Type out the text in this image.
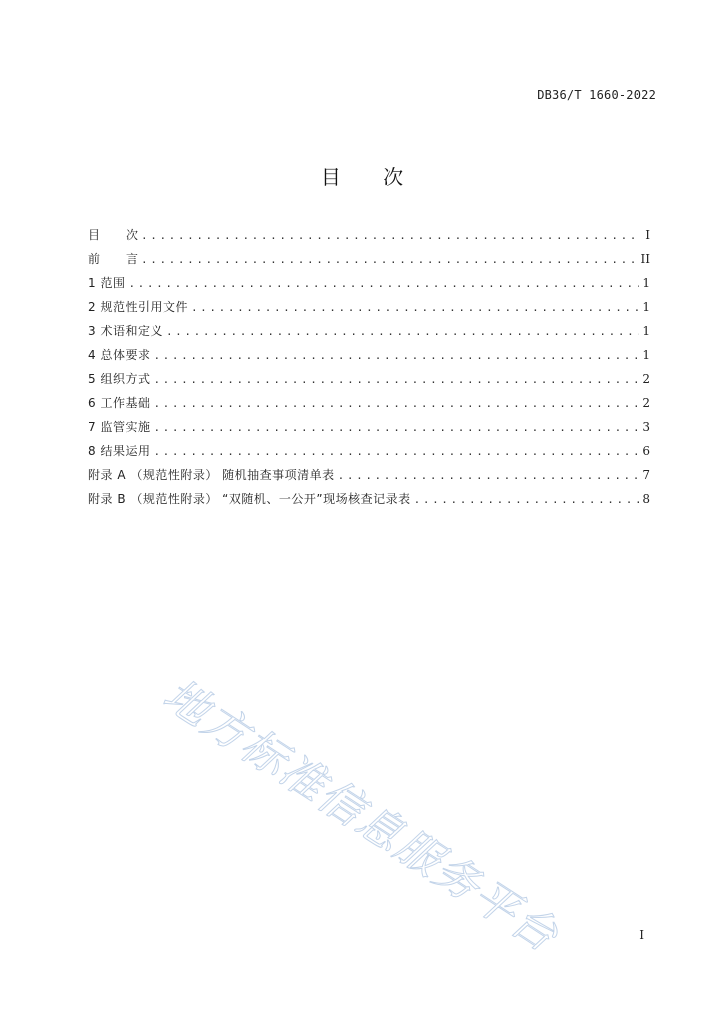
DB36/T 1660-2022
目 次
目 次 .....	I
前 言 .....	II
1 范围 .....	1
2 规范性引用文件 .....	1
3 术语和定义 .....	1
4 总体要求 .....	1
5 组织方式 .....	2
6 工作基础 .....	2
7 监管实施 .....	3
8 结果运用 .....	6
附录 A （规范性附录） 随机抽查事项清单表 .....	7
附录 B （规范性附录） “双随机、一公开”现场核查记录表 .....	8
地方标准信息服务平台	I
